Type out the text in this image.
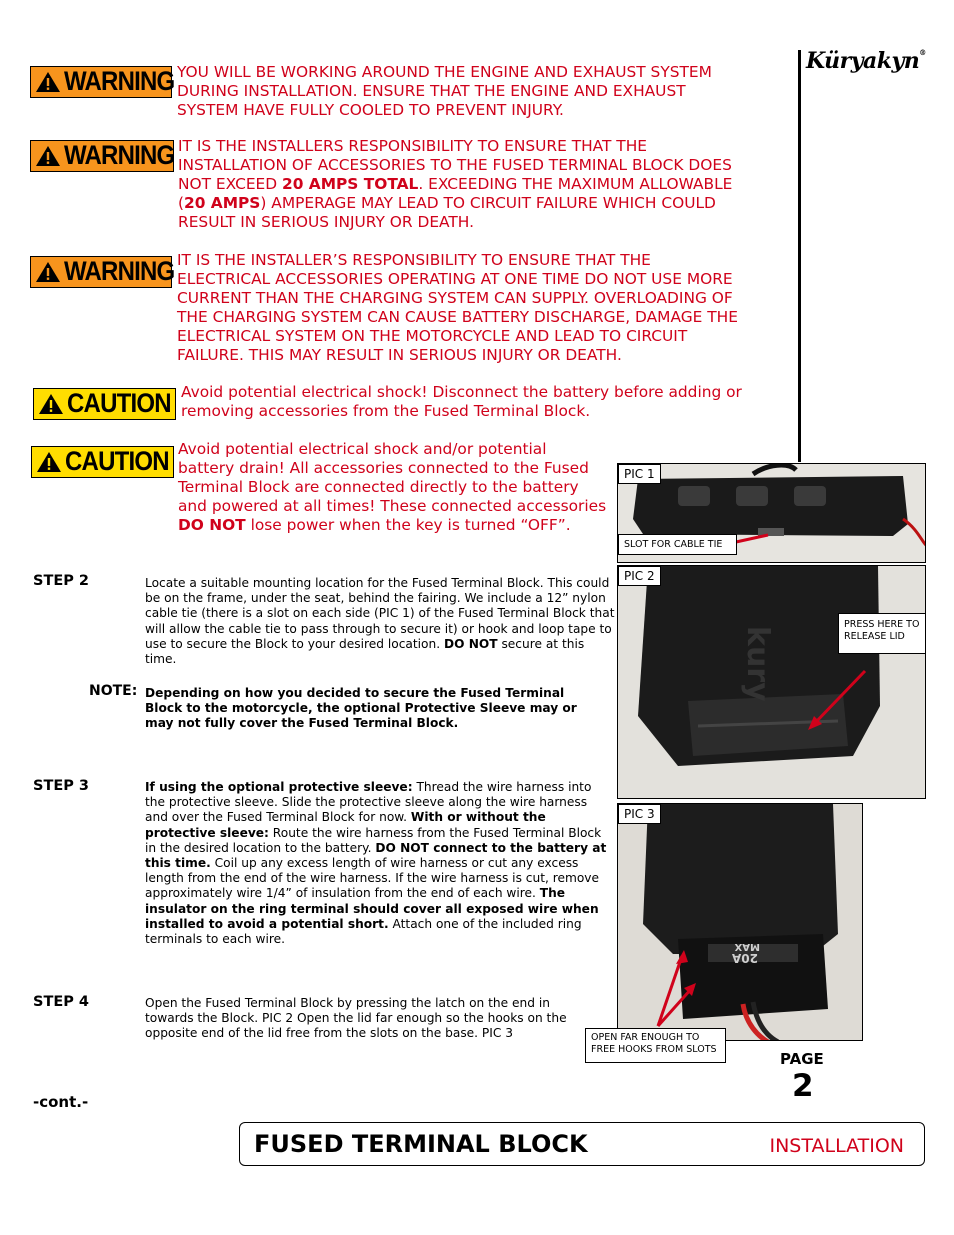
Küryakyn®
WARNING
WARNING
WARNING
CAUTION
CAUTION
YOU WILL BE WORKING AROUND THE ENGINE AND EXHAUST SYSTEM
DURING INSTALLATION. ENSURE THAT THE ENGINE AND EXHAUST
SYSTEM HAVE FULLY COOLED TO PREVENT INJURY.
IT IS THE INSTALLERS RESPONSIBILITY TO ENSURE THAT THE
INSTALLATION OF ACCESSORIES TO THE FUSED TERMINAL BLOCK DOES
NOT EXCEED 20 AMPS TOTAL. EXCEEDING THE MAXIMUM ALLOWABLE
(20 AMPS) AMPERAGE MAY LEAD TO CIRCUIT FAILURE WHICH COULD
RESULT IN SERIOUS INJURY OR DEATH.
IT IS THE INSTALLER’S RESPONSIBILITY TO ENSURE THAT THE
ELECTRICAL ACCESSORIES OPERATING AT ONE TIME DO NOT USE MORE
CURRENT THAN THE CHARGING SYSTEM CAN SUPPLY. OVERLOADING OF
THE CHARGING SYSTEM CAN CAUSE BATTERY DISCHARGE, DAMAGE THE
ELECTRICAL SYSTEM ON THE MOTORCYCLE AND LEAD TO CIRCUIT
FAILURE. THIS MAY RESULT IN SERIOUS INJURY OR DEATH.
Avoid potential electrical shock! Disconnect the battery before adding or
removing accessories from the Fused Terminal Block.
Avoid potential electrical shock and/or potential
battery drain! All accessories connected to the Fused
Terminal Block are connected directly to the battery
and powered at all times! These connected accessories
DO NOT lose power when the key is turned “OFF”.
STEP 2	Locate a suitable mounting location for the Fused Terminal Block. This could be on the frame, under the seat, behind the fairing. We include a 12” nylon cable tie (there is a slot on each side (PIC 1) of the Fused Terminal Block that will allow the cable tie to pass through to secure it) or hook and loop tape to use to secure the Block to your desired location. DO NOT secure at this time.
NOTE: Depending on how you decided to secure the Fused Terminal Block to the motorcycle, the optional Protective Sleeve may or may not fully cover the Fused Terminal Block.
STEP 3	If using the optional protective sleeve: Thread the wire harness into the protective sleeve. Slide the protective sleeve along the wire harness and over the Fused Terminal Block for now. With or without the protective sleeve: Route the wire harness from the Fused Terminal Block in the desired location to the battery. DO NOT connect to the battery at this time. Coil up any excess length of wire harness or cut any excess length from the end of the wire harness. If the wire harness is cut, remove approximately wire 1/4” of insulation from the end of each wire. The insulator on the ring terminal should cover all exposed wire when installed to avoid a potential short. Attach one of the included ring terminals to each wire.
STEP 4	Open the Fused Terminal Block by pressing the latch on the end in towards the Block. PIC 2 Open the lid far enough so the hooks on the opposite end of the lid free from the slots on the base. PIC 3
PIC 1
SLOT FOR CABLE TIE
kury
PIC 2
PRESS HERE TO
RELEASE LID
20A
MAX
PIC 3
OPEN FAR ENOUGH TO
FREE HOOKS FROM SLOTS
PAGE
2
-cont.-
FUSED TERMINAL BLOCK	INSTALLATION
